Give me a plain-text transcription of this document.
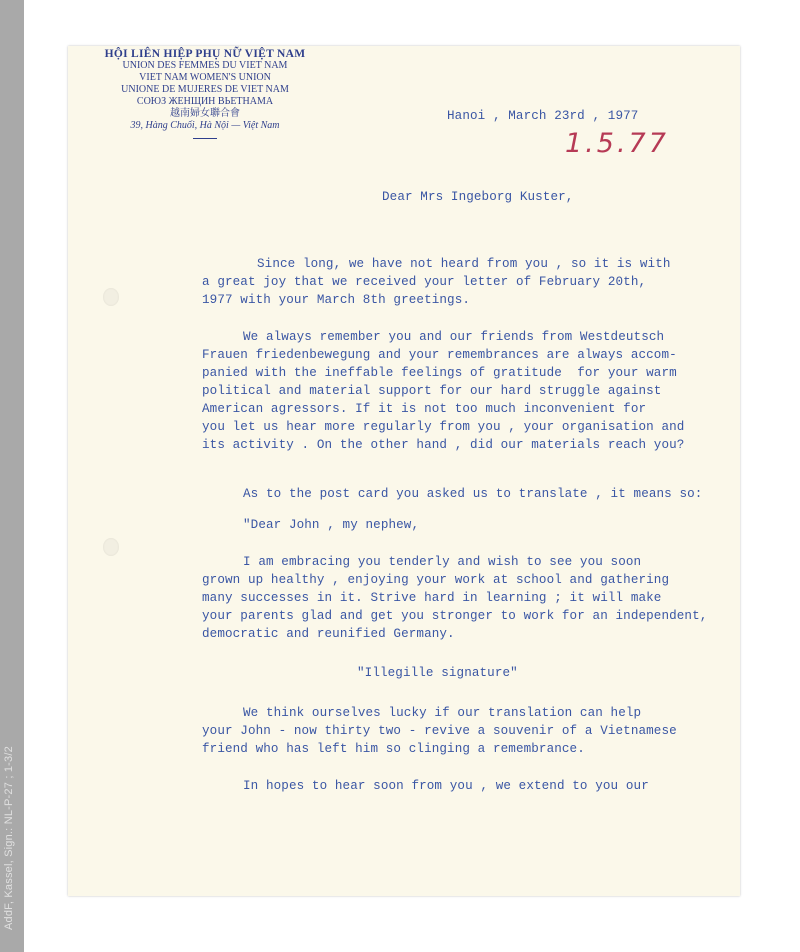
AddF, Kassel, Sign.: NL-P-27 ; 1-3/2
HỘI LIÊN HIỆP PHỤ NỮ VIỆT NAM
UNION DES FEMMES DU VIET NAM
VIET NAM WOMEN'S UNION
UNIONE DE MUJERES DE VIET NAM
СОЮЗ ЖЕНЩИН ВЬЕТНАМА
越南婦女聯合會
39, Hàng Chuối, Hà Nội — Việt Nam
Hanoi , March 23rd , 1977
1.5.77
Dear Mrs Ingeborg Kuster,
Since long, we have not heard from you , so it is with
a great joy that we received your letter of February 20th,
1977 with your March 8th greetings.
We always remember you and our friends from Westdeutsch
Frauen friedenbewegung and your remembrances are always accom-
panied with the ineffable feelings of gratitude  for your warm
political and material support for our hard struggle against
American agressors. If it is not too much inconvenient for
you let us hear more regularly from you , your organisation and
its activity . On the other hand , did our materials reach you?
As to the post card you asked us to translate , it means so:
"Dear John , my nephew,
I am embracing you tenderly and wish to see you soon
grown up healthy , enjoying your work at school and gathering
many successes in it. Strive hard in learning ; it will make
your parents glad and get you stronger to work for an independent,
democratic and reunified Germany.
"Illegille signature"
We think ourselves lucky if our translation can help
your John - now thirty two - revive a souvenir of a Vietnamese
friend who has left him so clinging a remembrance.
In hopes to hear soon from you , we extend to you our
